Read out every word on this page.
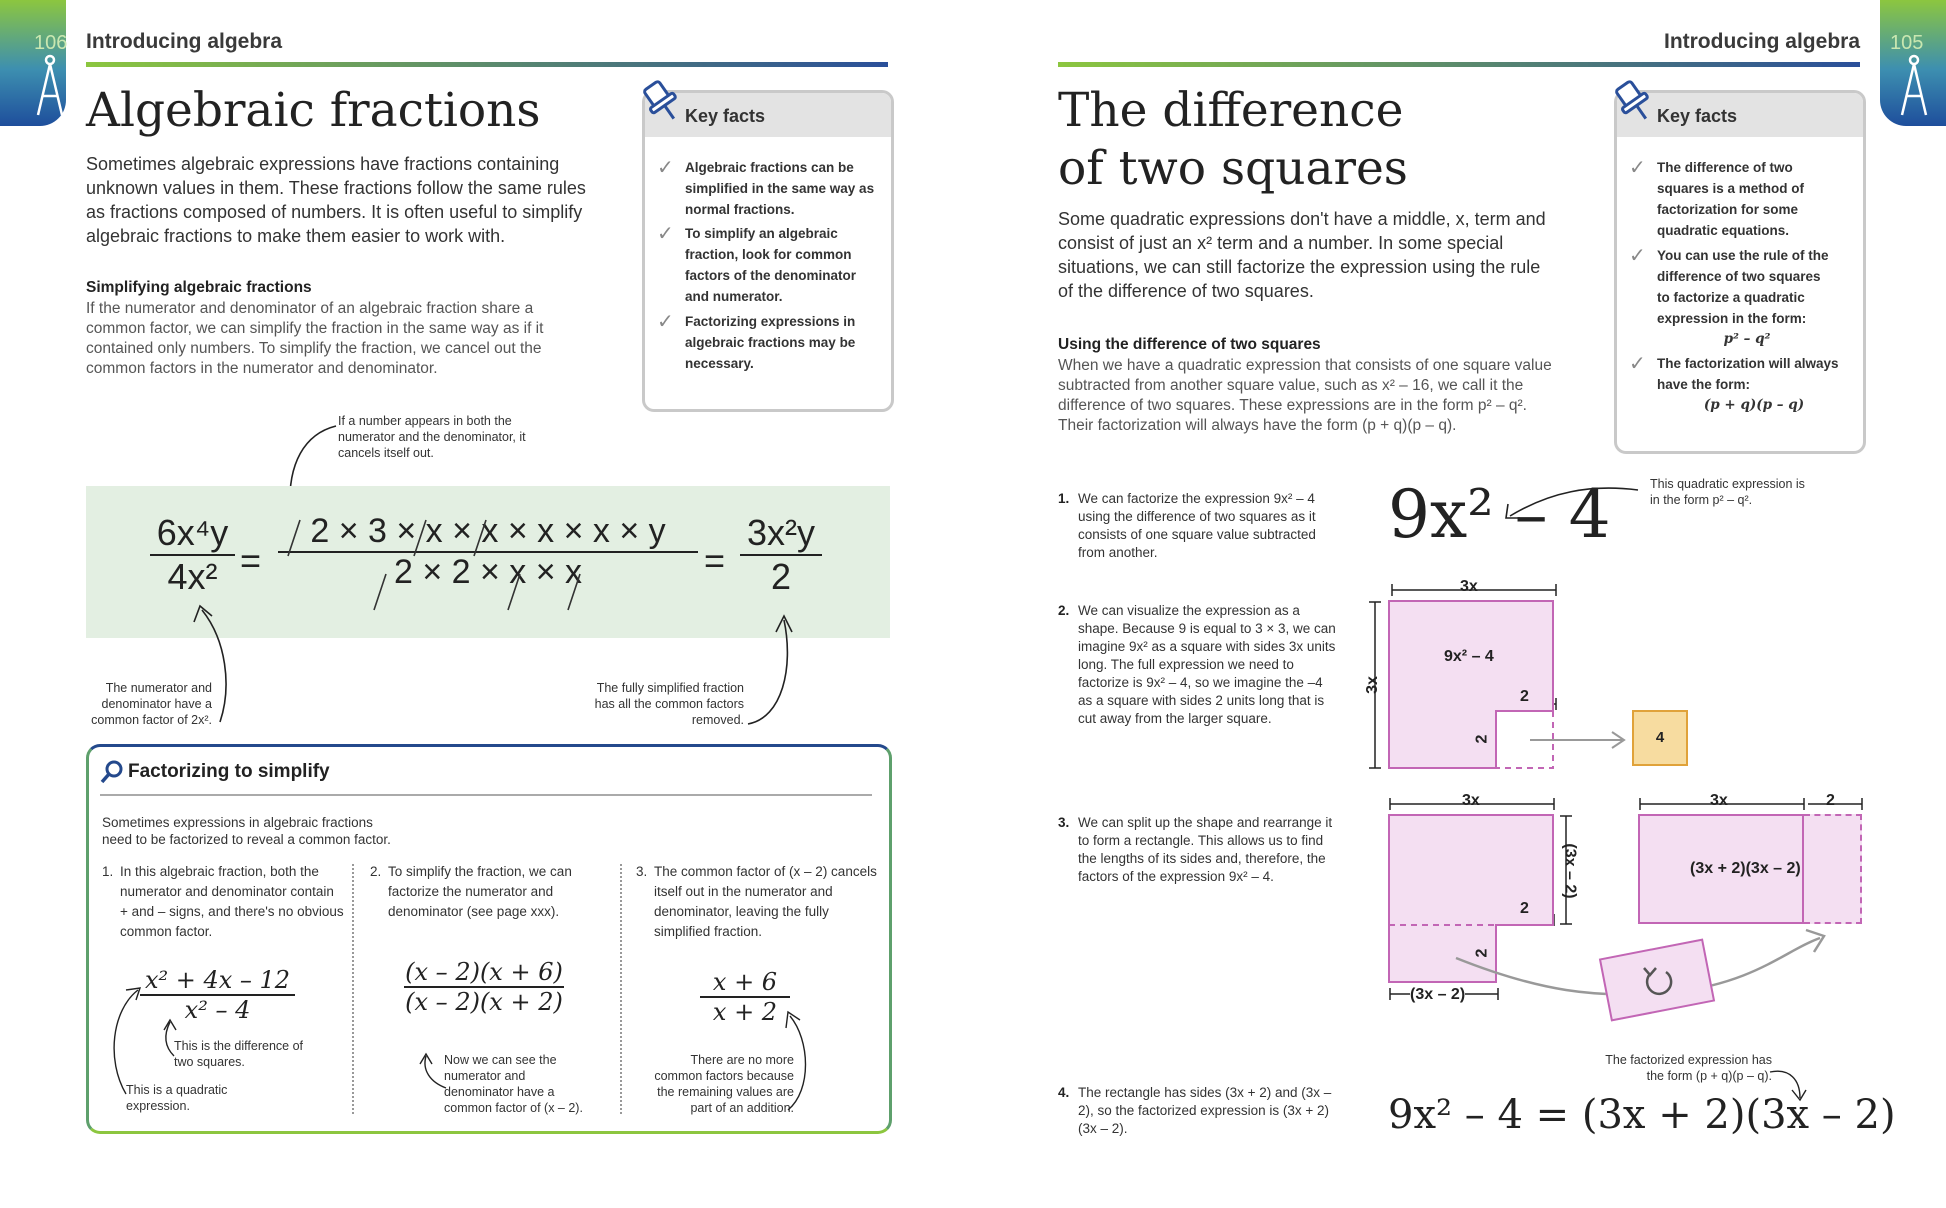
106 Introducing algebra
Algebraic fractions
Sometimes algebraic expressions have fractions containing unknown values in them. These fractions follow the same rules as fractions composed of numbers. It is often useful to simplify algebraic fractions to make them easier to work with.
Simplifying algebraic fractions
If the numerator and denominator of an algebraic fraction share a common factor, we can simplify the fraction in the same way as if it contained only numbers. To simplify the fraction, we cancel out the common factors in the numerator and denominator.
Key facts
✓ Algebraic fractions can be simplified in the same way as normal fractions.
✓ To simplify an algebraic fraction, look for common factors of the denominator and numerator.
✓ Factorizing expressions in algebraic fractions may be necessary.
If a number appears in both the numerator and the denominator, it cancels itself out.
6x⁴y
4x² =
2 × 3 × x × x × x × x × y
2 × 2 × x × x	=
3x²y
2
The numerator and denominator have a common factor of 2x².
The fully simplified fraction has all the common factors removed.
Factorizing to simplify
Sometimes expressions in algebraic fractions need to be factorized to reveal a common factor.
1. In this algebraic fraction, both the numerator and denominator contain + and – signs, and there's no obvious common factor.
x² + 4x – 12
x² – 4
This is the difference of two squares.
This is a quadratic expression.
2. To simplify the fraction, we can factorize the numerator and denominator (see page xxx).
(x – 2)(x + 6)
(x – 2)(x + 2)
Now we can see the numerator and denominator have a common factor of (x – 2).
3. The common factor of (x – 2) cancels itself out in the numerator and denominator, leaving the fully simplified fraction.
x + 6
x + 2
There are no more common factors because the remaining values are part of an addition.
105
Introducing algebra
The difference
of two squares
Some quadratic expressions don't have a middle, x, term and consist of just an x² term and a number. In some special situations, we can still factorize the expression using the rule of the difference of two squares.
Using the difference of two squares
When we have a quadratic expression that consists of one square value subtracted from another square value, such as x² – 16, we call it the difference of two squares. These expressions are in the form p² – q². Their factorization will always have the form (p + q)(p – q).
Key facts
✓ The difference of two squares is a method of factorization for some quadratic equations.
✓ You can use the rule of the difference of two squares to factorize a quadratic expression in the form:
p² – q²
✓ The factorization will always have the form:
(p + q)(p – q)
1. We can factorize the expression 9x² – 4 using the difference of two squares as it consists of one square value subtracted from another.
2. We can visualize the expression as a shape. Because 9 is equal to 3 × 3, we can imagine 9x² as a square with sides 3x units long. The full expression we need to factorize is 9x² – 4, so we imagine the –4 as a square with sides 2 units long that is cut away from the larger square.
3. We can split up the shape and rearrange it to form a rectangle. This allows us to find the lengths of its sides and, therefore, the factors of the expression 9x² – 4.
4. The rectangle has sides (3x + 2) and (3x – 2), so the factorized expression is (3x + 2)(3x – 2).
9x² – 4	This quadratic expression is in the form p² – q².
3x
3x
9x² – 4
2
2	4
3x
(3x – 2)
2
2
(3x – 2)
3x	2
(3x + 2)(3x – 2)
The factorized expression has the form (p + q)(p – q).
9x² – 4 = (3x + 2)(3x – 2)
